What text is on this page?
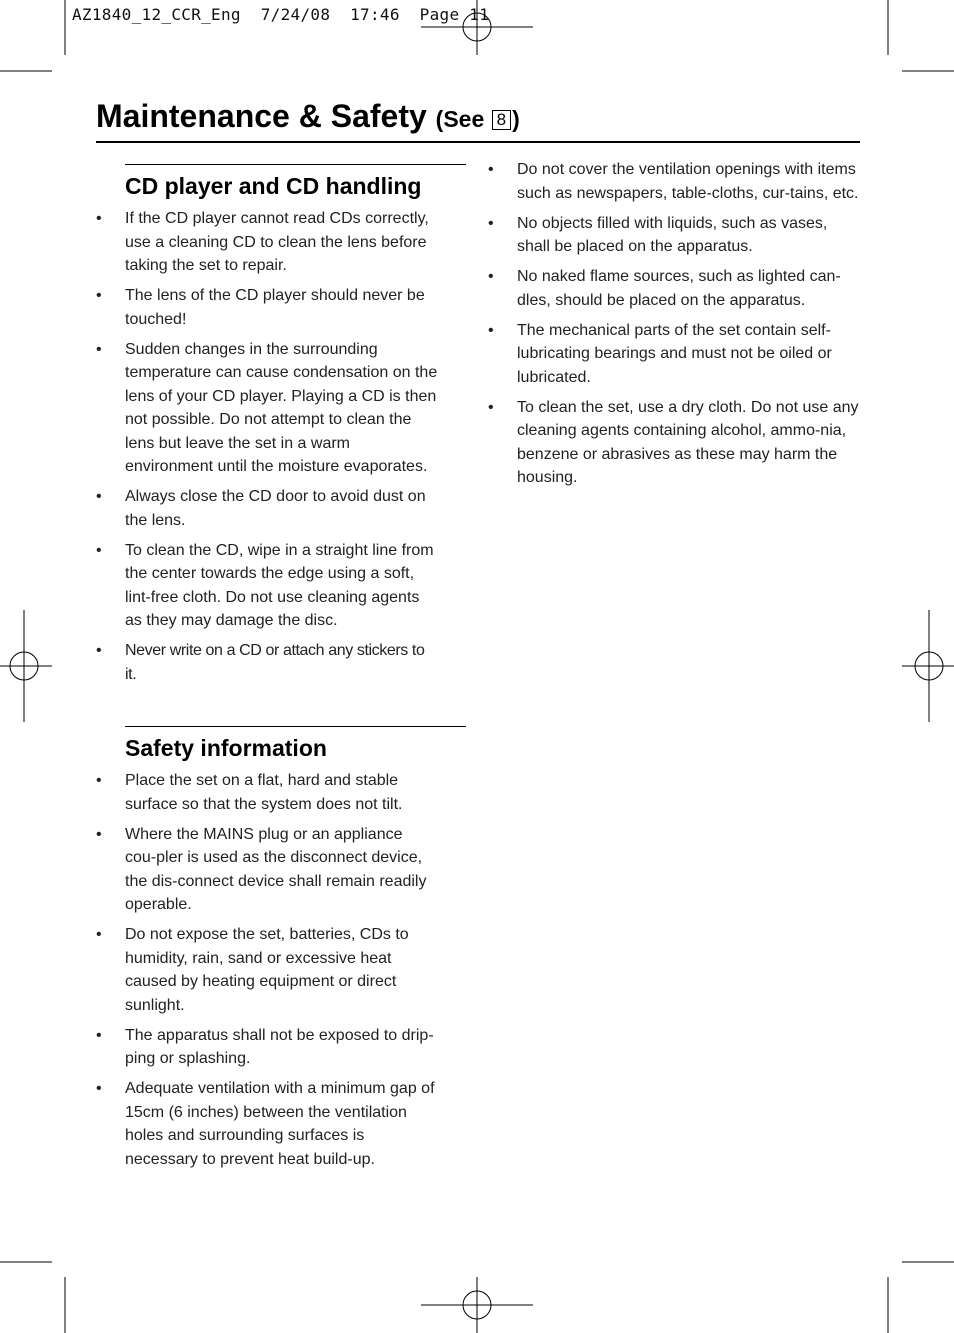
AZ1840_12_CCR_Eng  7/24/08  17:46  Page 11
Maintenance & Safety (See 8 )
CD player and CD handling
• If the CD player cannot read CDs correctly, use a cleaning CD to clean the lens before taking the set to repair.
• The lens of the CD player should never be touched!
• Sudden changes in the surrounding temperature can cause condensation on the lens of your CD player. Playing a CD is then not possible. Do not attempt to clean the lens but leave the set in a warm environment until the moisture evaporates.
• Always close the CD door to avoid dust on the lens.
• To clean the CD, wipe in a straight line from the center towards the edge using a soft, lint-free cloth. Do not use cleaning agents as they may damage the disc.
• Never write on a CD or attach any stickers to it.
Safety information
• Place the set on a flat, hard and stable surface so that the system does not tilt.
• Where the MAINS plug or an appliance cou-pler is used as the disconnect device, the dis-connect device shall remain readily operable.
• Do not expose the set, batteries, CDs to humidity, rain, sand or excessive heat caused by heating equipment or direct sunlight.
• The apparatus shall not be exposed to drip-ping or splashing.
• Adequate ventilation with a minimum gap of 15cm (6 inches) between the ventilation holes and surrounding surfaces is necessary to prevent heat build-up.
• Do not cover the ventilation openings with items such as newspapers, table-cloths, cur-tains, etc.
• No objects filled with liquids, such as vases, shall be placed on the apparatus.
• No naked flame sources, such as lighted can-dles, should be placed on the apparatus.
• The mechanical parts of the set contain self-lubricating bearings and must not be oiled or lubricated.
• To clean the set, use a dry cloth. Do not use any cleaning agents containing alcohol, ammo-nia, benzene or abrasives as these may harm the housing.
